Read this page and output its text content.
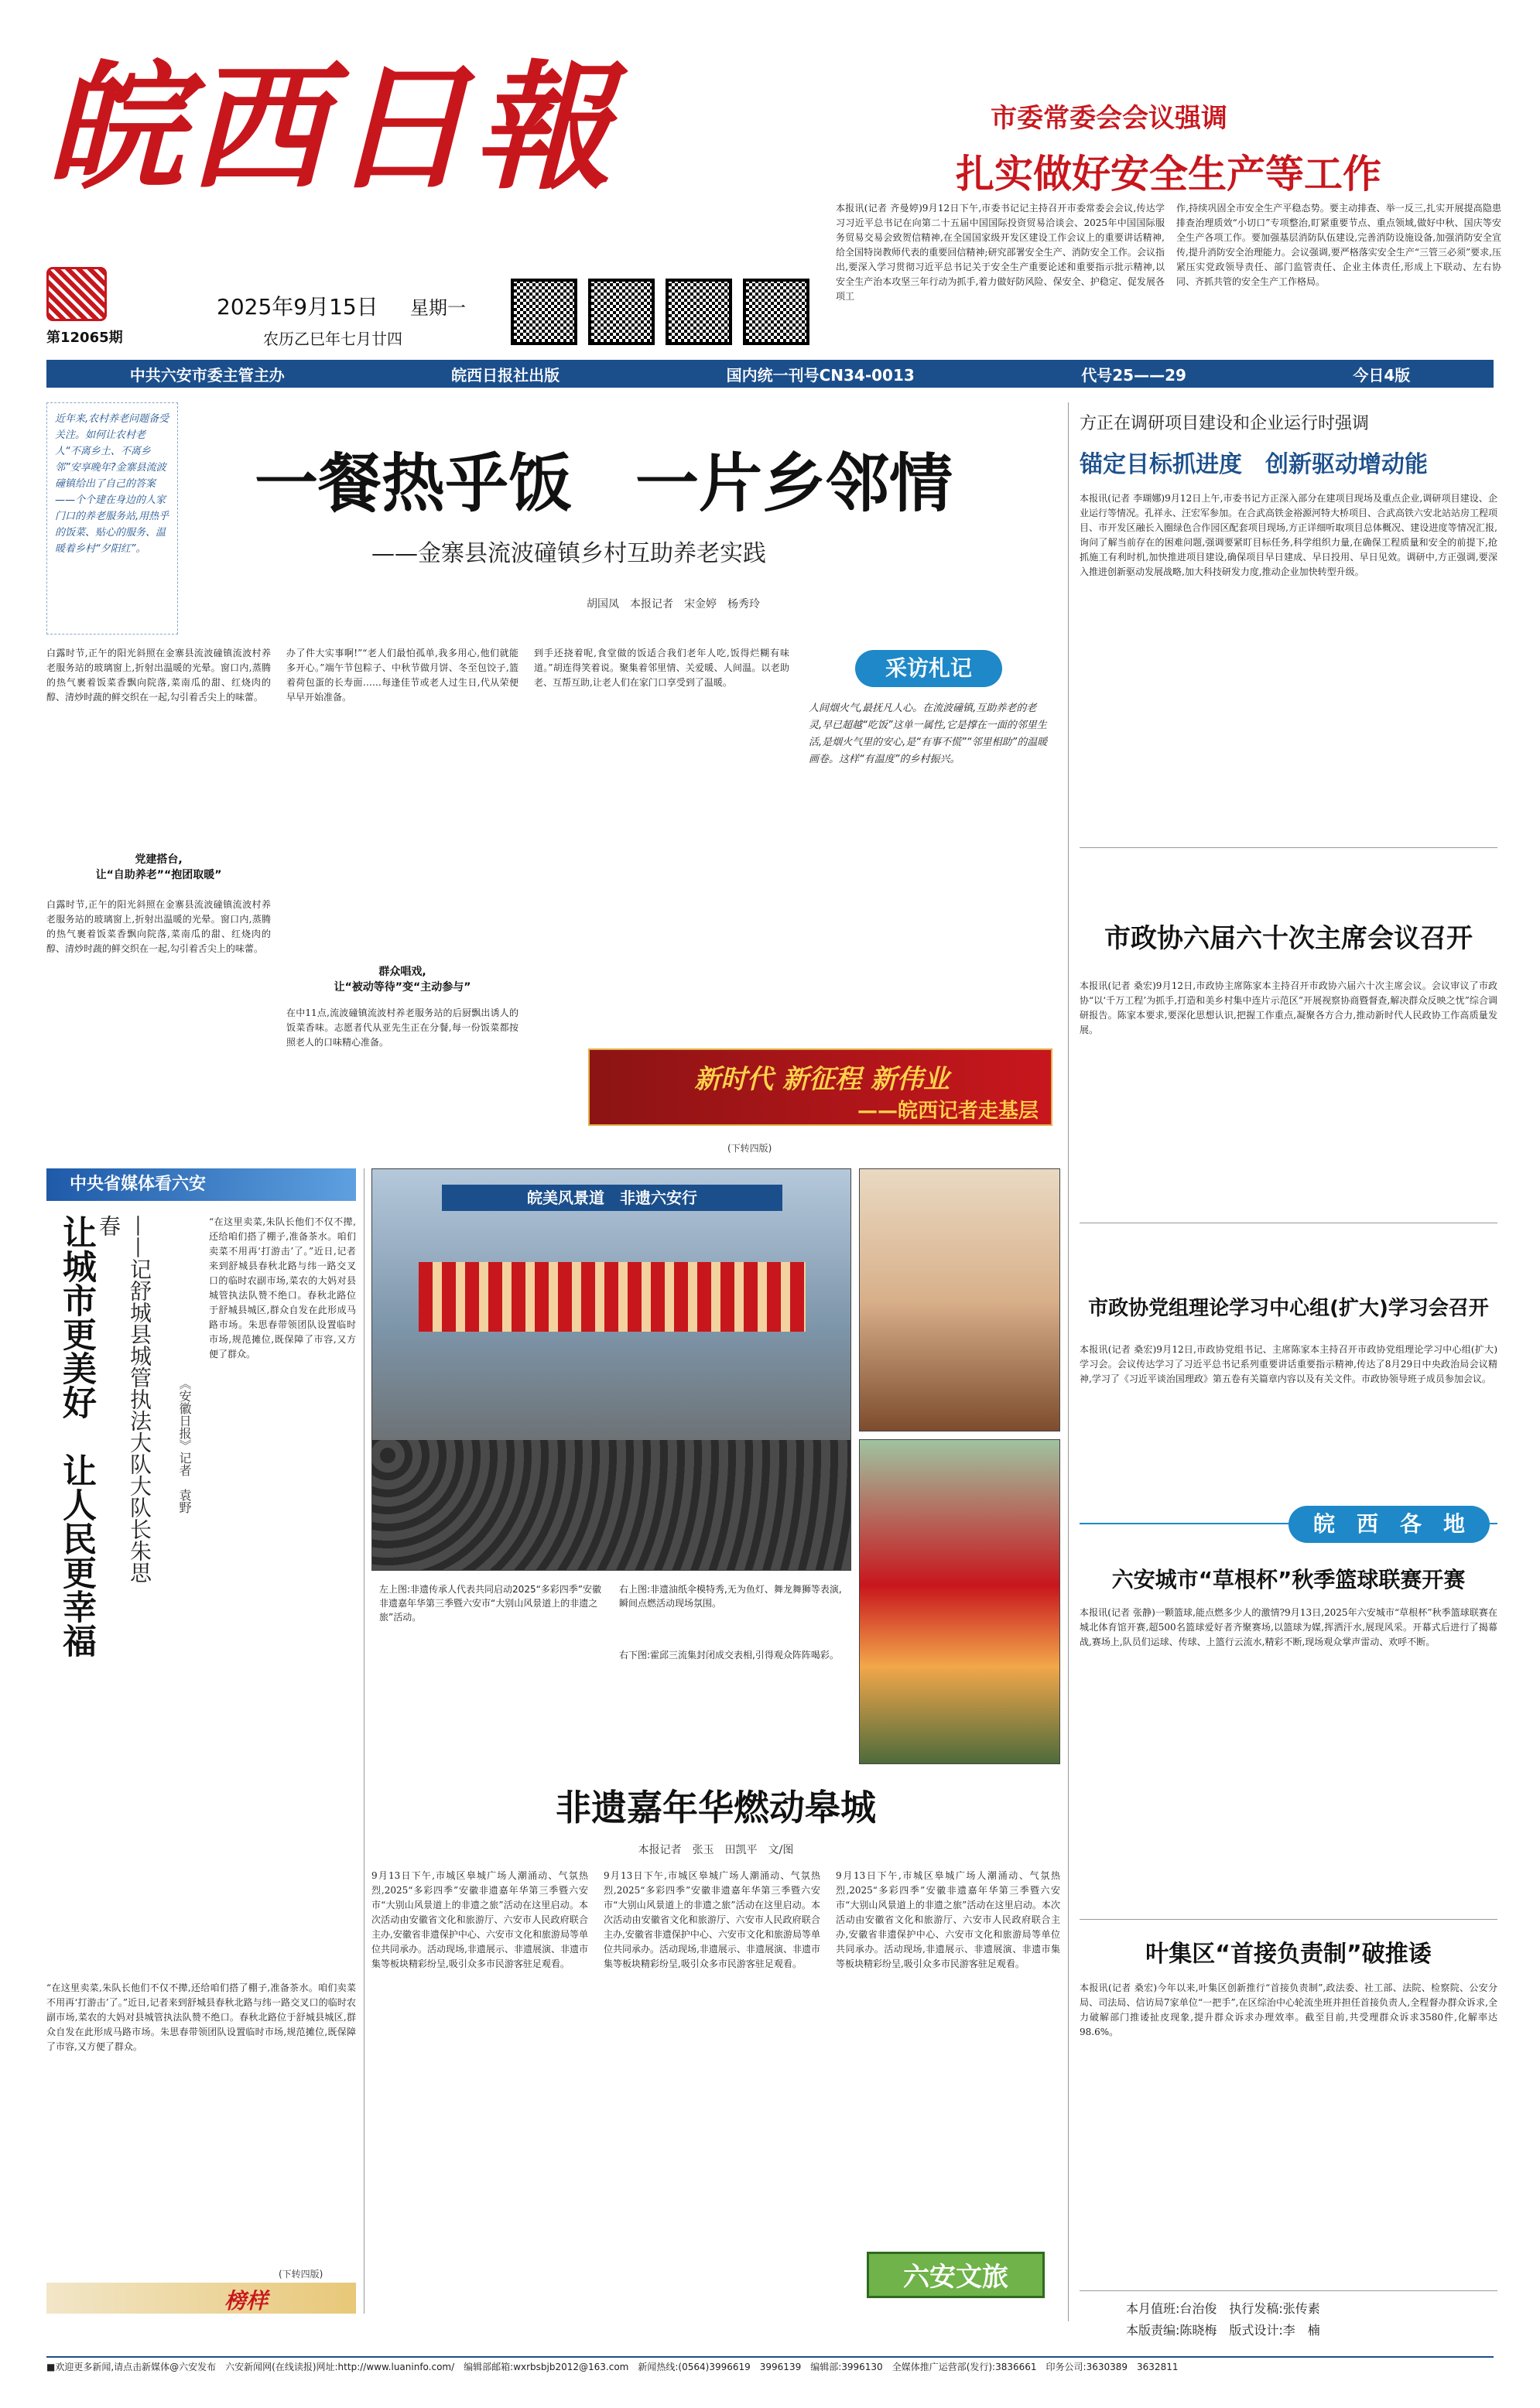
皖西日報
第12065期
2025年9月15日	星期一
农历乙巳年七月廿四
市委常委会会议强调
扎实做好安全生产等工作
本报讯(记者 齐曼婷)9月12日下午,市委书记记主持召开市委常委会会议,传达学习习近平总书记在向第二十五届中国国际投资贸易洽谈会、2025年中国国际服务贸易交易会致贺信精神,在全国国家级开发区建设工作会议上的重要讲话精神,给全国特岗教师代表的重要回信精神;研究部署安全生产、消防安全工作。会议指出,要深入学习贯彻习近平总书记关于安全生产重要论述和重要指示批示精神,以安全生产治本攻坚三年行动为抓手,着力做好防风险、保安全、护稳定、促发展各项工
作,持续巩固全市安全生产平稳态势。要主动排查、举一反三,扎实开展提高隐患排查治理质效“小切口”专项整治,盯紧重要节点、重点领域,做好中秋、国庆等安全生产各项工作。要加强基层消防队伍建设,完善消防设施设备,加强消防安全宣传,提升消防安全治理能力。会议强调,要严格落实安全生产“三管三必须”要求,压紧压实党政领导责任、部门监管责任、企业主体责任,形成上下联动、左右协同、齐抓共管的安全生产工作格局。
中共六安市委主管主办	皖西日报社出版	国内统一刊号CN34-0013	代号25——29	今日4版
近年来,农村养老问题备受关注。如何让农村老人“不离乡土、不离乡邻”安享晚年?金寨县流波䃥镇给出了自己的答案——个个建在身边的人家门口的养老服务站,用热乎的饭菜、贴心的服务、温暖着乡村“夕阳红”。
一餐热乎饭　一片乡邻情
——金寨县流波䃥镇乡村互助养老实践
胡国凤　本报记者　宋金婷　杨秀玲
白露时节,正午的阳光斜照在金寨县流波䃥镇流波村养老服务站的玻璃窗上,折射出温暖的光晕。窗口内,蒸腾的热气裹着饭菜香飘向院落,菜南瓜的甜、红烧肉的醇、清炒时蔬的鲜交织在一起,勾引着舌尖上的味蕾。
党建搭台,
让“自助养老”“抱团取暖”
白露时节,正午的阳光斜照在金寨县流波䃥镇流波村养老服务站的玻璃窗上,折射出温暖的光晕。窗口内,蒸腾的热气裹着饭菜香飘向院落,菜南瓜的甜、红烧肉的醇、清炒时蔬的鲜交织在一起,勾引着舌尖上的味蕾。
办了件大实事啊!”“老人们最怕孤单,我多用心,他们就能多开心。”端午节包粽子、中秋节做月饼、冬至包饺子,篮着荷包蛋的长寿面……每逢佳节或老人过生日,代从荣便早早开始准备。
群众唱戏,
让“被动等待”变“主动参与”
在中11点,流波䃥镇流波村养老服务站的后厨飘出诱人的饭菜香味。志愿者代从亚先生正在分餐,每一份饭菜都按照老人的口味精心准备。
到手还挠着呢,食堂做的饭适合我们老年人吃,饭得烂糊有味道。”胡连得笑着说。聚集着邻里情、关爱暖、人间温。以老助老、互帮互助,让老人们在家门口享受到了温暖。
(下转四版)
采访札记
人间烟火气,最抚凡人心。在流波䃥镇,互助养老的老灵,早已超越“吃饭”这单一属性,它是撑在一面的邻里生活,是烟火气里的安心,是“有事不慌”“邻里相助”的温暖画卷。这样“有温度”的乡村振兴。
新时代 新征程 新伟业
——皖西记者走基层
方正在调研项目建设和企业运行时强调
锚定目标抓进度　创新驱动增动能
本报讯(记者 李瑚娜)9月12日上午,市委书记方正深入部分在建项目现场及重点企业,调研项目建设、企业运行等情况。孔祥永、汪宏军参加。在合武高铁金裕源河特大桥项目、合武高铁六安北站站房工程项目、市开发区融长入圈绿色合作园区配套项目现场,方正详细听取项目总体概况、建设进度等情况汇报,询问了解当前存在的困难问题,强调要紧盯目标任务,科学组织力量,在确保工程质量和安全的前提下,抢抓施工有利时机,加快推进项目建设,确保项目早日建成、早日投用、早日见效。调研中,方正强调,要深入推进创新驱动发展战略,加大科技研发力度,推动企业加快转型升级。
市政协六届六十次主席会议召开
本报讯(记者 桑宏)9月12日,市政协主席陈家本主持召开市政协六届六十次主席会议。会议审议了市政协“以‘千万工程’为抓手,打造和美乡村集中连片示范区”开展视察协商暨督查,解决群众反映之忧”综合调研报告。陈家本要求,要深化思想认识,把握工作重点,凝聚各方合力,推动新时代人民政协工作高质量发展。
市政协党组理论学习中心组(扩大)学习会召开
本报讯(记者 桑宏)9月12日,市政协党组书记、主席陈家本主持召开市政协党组理论学习中心组(扩大)学习会。会议传达学习了习近平总书记系列重要讲话重要指示精神,传达了8月29日中央政治局会议精神,学习了《习近平谈治国理政》第五卷有关篇章内容以及有关文件。市政协领导班子成员参加会议。
皖　西　各　地
六安城市“草根杯”秋季篮球联赛开赛
本报讯(记者 张静)一颗篮球,能点燃多少人的激情?9月13日,2025年六安城市“草根杯”秋季篮球联赛在城北体育馆开赛,超500名篮球爱好者齐聚赛场,以篮球为媒,挥洒汗水,展现风采。开幕式后进行了揭幕战,赛场上,队员们运球、传球、上篮行云流水,精彩不断,现场观众掌声雷动、欢呼不断。
叶集区“首接负责制”破推诿
本报讯(记者 桑宏)今年以来,叶集区创新推行“首接负责制”,政法委、社工部、法院、检察院、公安分局、司法局、信访局7家单位“一把手”,在区综治中心轮流坐班并担任首接负责人,全程督办群众诉求,全力破解部门推诿扯皮现象,提升群众诉求办理效率。截至目前,共受理群众诉求3580件,化解率达98.6%。
中央省媒体看六安
让城市更美好　让人民更幸福 ——记舒城县城管执法大队大队长朱思春
《安徽日报》记者　袁野
“在这里卖菜,朱队长他们不仅不撵,还给咱们搭了棚子,准备茶水。咱们卖菜不用再‘打游击’了。”近日,记者来到舒城县春秋北路与纬一路交叉口的临时农副市场,菜农的大妈对县城管执法队赞不绝口。春秋北路位于舒城县城区,群众自发在此形成马路市场。朱思春带领团队设置临时市场,规范摊位,既保障了市容,又方便了群众。
“在这里卖菜,朱队长他们不仅不撵,还给咱们搭了棚子,准备茶水。咱们卖菜不用再‘打游击’了。”近日,记者来到舒城县春秋北路与纬一路交叉口的临时农副市场,菜农的大妈对县城管执法队赞不绝口。春秋北路位于舒城县城区,群众自发在此形成马路市场。朱思春带领团队设置临时市场,规范摊位,既保障了市容,又方便了群众。
(下转四版)
榜样
皖美风景道　非遗六安行
左上图:非遗传承人代表共同启动2025“多彩四季”安徽非遗嘉年华第三季暨六安市“大别山风景道上的非遗之旅”活动。
右上图:非遗油纸伞模特秀,无为鱼灯、舞龙舞狮等表演,瞬间点燃活动现场氛围。
右下图:霍邱三流集封闭成交表相,引得观众阵阵喝彩。
非遗嘉年华燃动皋城
本报记者　张玉　田凯平　文/图
9月13日下午,市城区皋城广场人潮涌动、气氛热烈,2025“多彩四季”安徽非遗嘉年华第三季暨六安市“大别山风景道上的非遗之旅”活动在这里启动。本次活动由安徽省文化和旅游厅、六安市人民政府联合主办,安徽省非遗保护中心、六安市文化和旅游局等单位共同承办。活动现场,非遗展示、非遗展演、非遗市集等板块精彩纷呈,吸引众多市民游客驻足观看。
9月13日下午,市城区皋城广场人潮涌动、气氛热烈,2025“多彩四季”安徽非遗嘉年华第三季暨六安市“大别山风景道上的非遗之旅”活动在这里启动。本次活动由安徽省文化和旅游厅、六安市人民政府联合主办,安徽省非遗保护中心、六安市文化和旅游局等单位共同承办。活动现场,非遗展示、非遗展演、非遗市集等板块精彩纷呈,吸引众多市民游客驻足观看。
9月13日下午,市城区皋城广场人潮涌动、气氛热烈,2025“多彩四季”安徽非遗嘉年华第三季暨六安市“大别山风景道上的非遗之旅”活动在这里启动。本次活动由安徽省文化和旅游厅、六安市人民政府联合主办,安徽省非遗保护中心、六安市文化和旅游局等单位共同承办。活动现场,非遗展示、非遗展演、非遗市集等板块精彩纷呈,吸引众多市民游客驻足观看。
六安文旅
本月值班:台治俊　执行发稿:张传素
本版责编:陈晓梅　版式设计:李　楠
■欢迎更多新闻,请点击新媒体@六安发布　六安新闻网(在线读报)网址:http://www.luaninfo.com/　编辑部邮箱:wxrbsbjb2012@163.com　新闻热线:(0564)3996619　3996139　编辑部:3996130　全媒体推广运营部(发行):3836661　印务公司:3630389　3632811
